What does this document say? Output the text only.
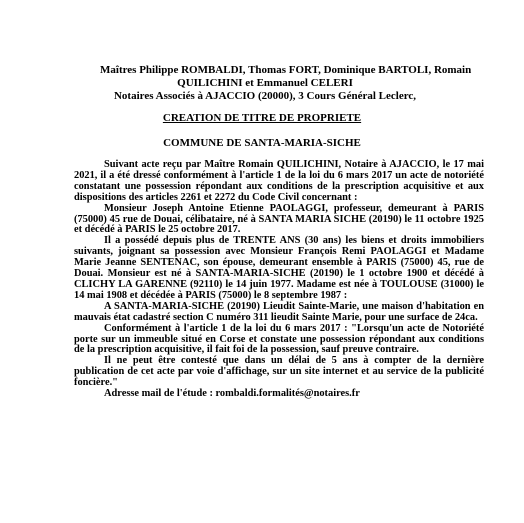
Maîtres Philippe ROMBALDI, Thomas FORT, Dominique BARTOLI, Romain
QUILICHINI et Emmanuel CELERI
Notaires Associés à AJACCIO (20000), 3 Cours Général Leclerc,
CREATION DE TITRE DE PROPRIETE
COMMUNE DE SANTA-MARIA-SICHE

Suivant acte reçu par Maître Romain QUILICHINI, Notaire à AJACCIO, le 17 mai 2021, il a été dressé conformément à l'article 1 de la loi du 6 mars 2017 un acte de notoriété constatant une possession répondant aux conditions de la prescription acquisitive et aux dispositions des articles 2261 et 2272 du Code Civil concernant :

Monsieur Joseph Antoine Etienne PAOLAGGI, professeur, demeurant à PARIS (75000) 45 rue de Douai, célibataire, né à SANTA MARIA SICHE (20190) le 11 octobre 1925 et décédé à PARIS le 25 octobre 2017.

Il a possédé depuis plus de TRENTE ANS (30 ans) les biens et droits immobiliers suivants, joignant sa possession avec Monsieur François Remi PAOLAGGI et Madame Marie Jeanne SENTENAC, son épouse, demeurant ensemble à PARIS (75000) 45, rue de Douai. Monsieur est né à SANTA-MARIA-SICHE (20190) le 1 octobre 1900 et décédé à CLICHY LA GARENNE (92110) le 14 juin 1977. Madame est née à TOULOUSE (31000) le 14 mai 1908 et décédée à PARIS (75000) le 8 septembre 1987 :

A SANTA-MARIA-SICHE (20190) Lieudit Sainte-Marie, une maison d'habitation en mauvais état cadastré section C numéro 311 lieudit Sainte Marie, pour une surface de 24ca.

Conformément à l'article 1 de la loi du 6 mars 2017 : "Lorsqu'un acte de Notoriété porte sur un immeuble situé en Corse et constate une possession répondant aux conditions de la prescription acquisitive, il fait foi de la possession, sauf preuve contraire.

Il ne peut être contesté que dans un délai de 5 ans à compter de la dernière publication de cet acte par voie d'affichage, sur un site internet et au service de la publicité foncière."

Adresse mail de l'étude : rombaldi.formalités@notaires.fr
